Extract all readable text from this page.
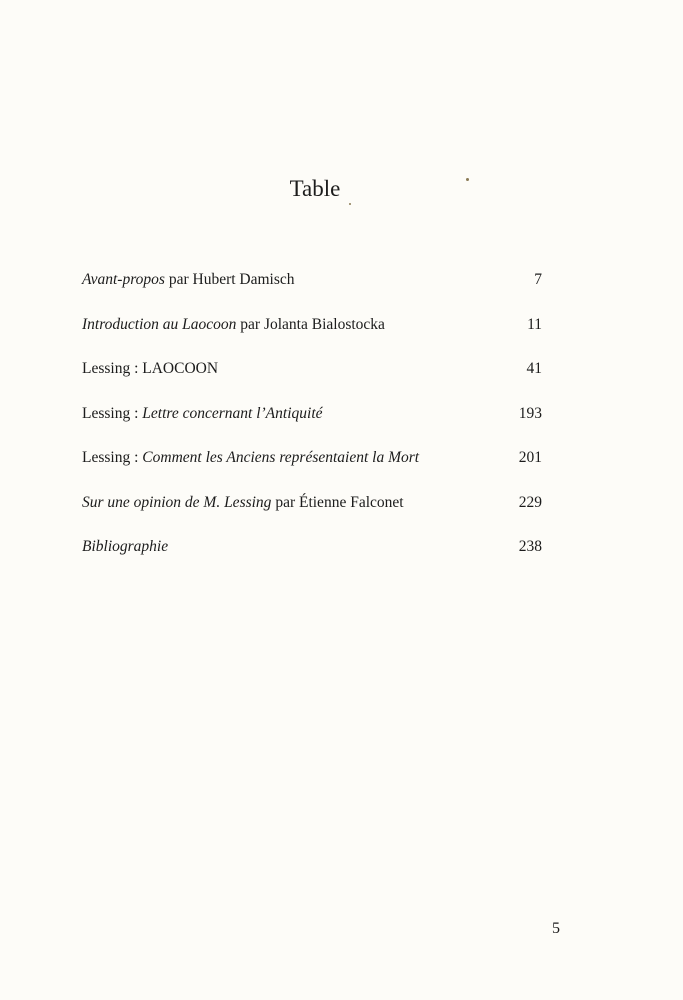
Table
Avant-propos par Hubert Damisch	7
Introduction au Laocoon par Jolanta Bialostocka	11
Lessing : LAOCOON	41
Lessing : Lettre concernant l’Antiquité	193
Lessing : Comment les Anciens représentaient la Mort	201
Sur une opinion de M. Lessing par Étienne Falconet	229
Bibliographie	238
5
